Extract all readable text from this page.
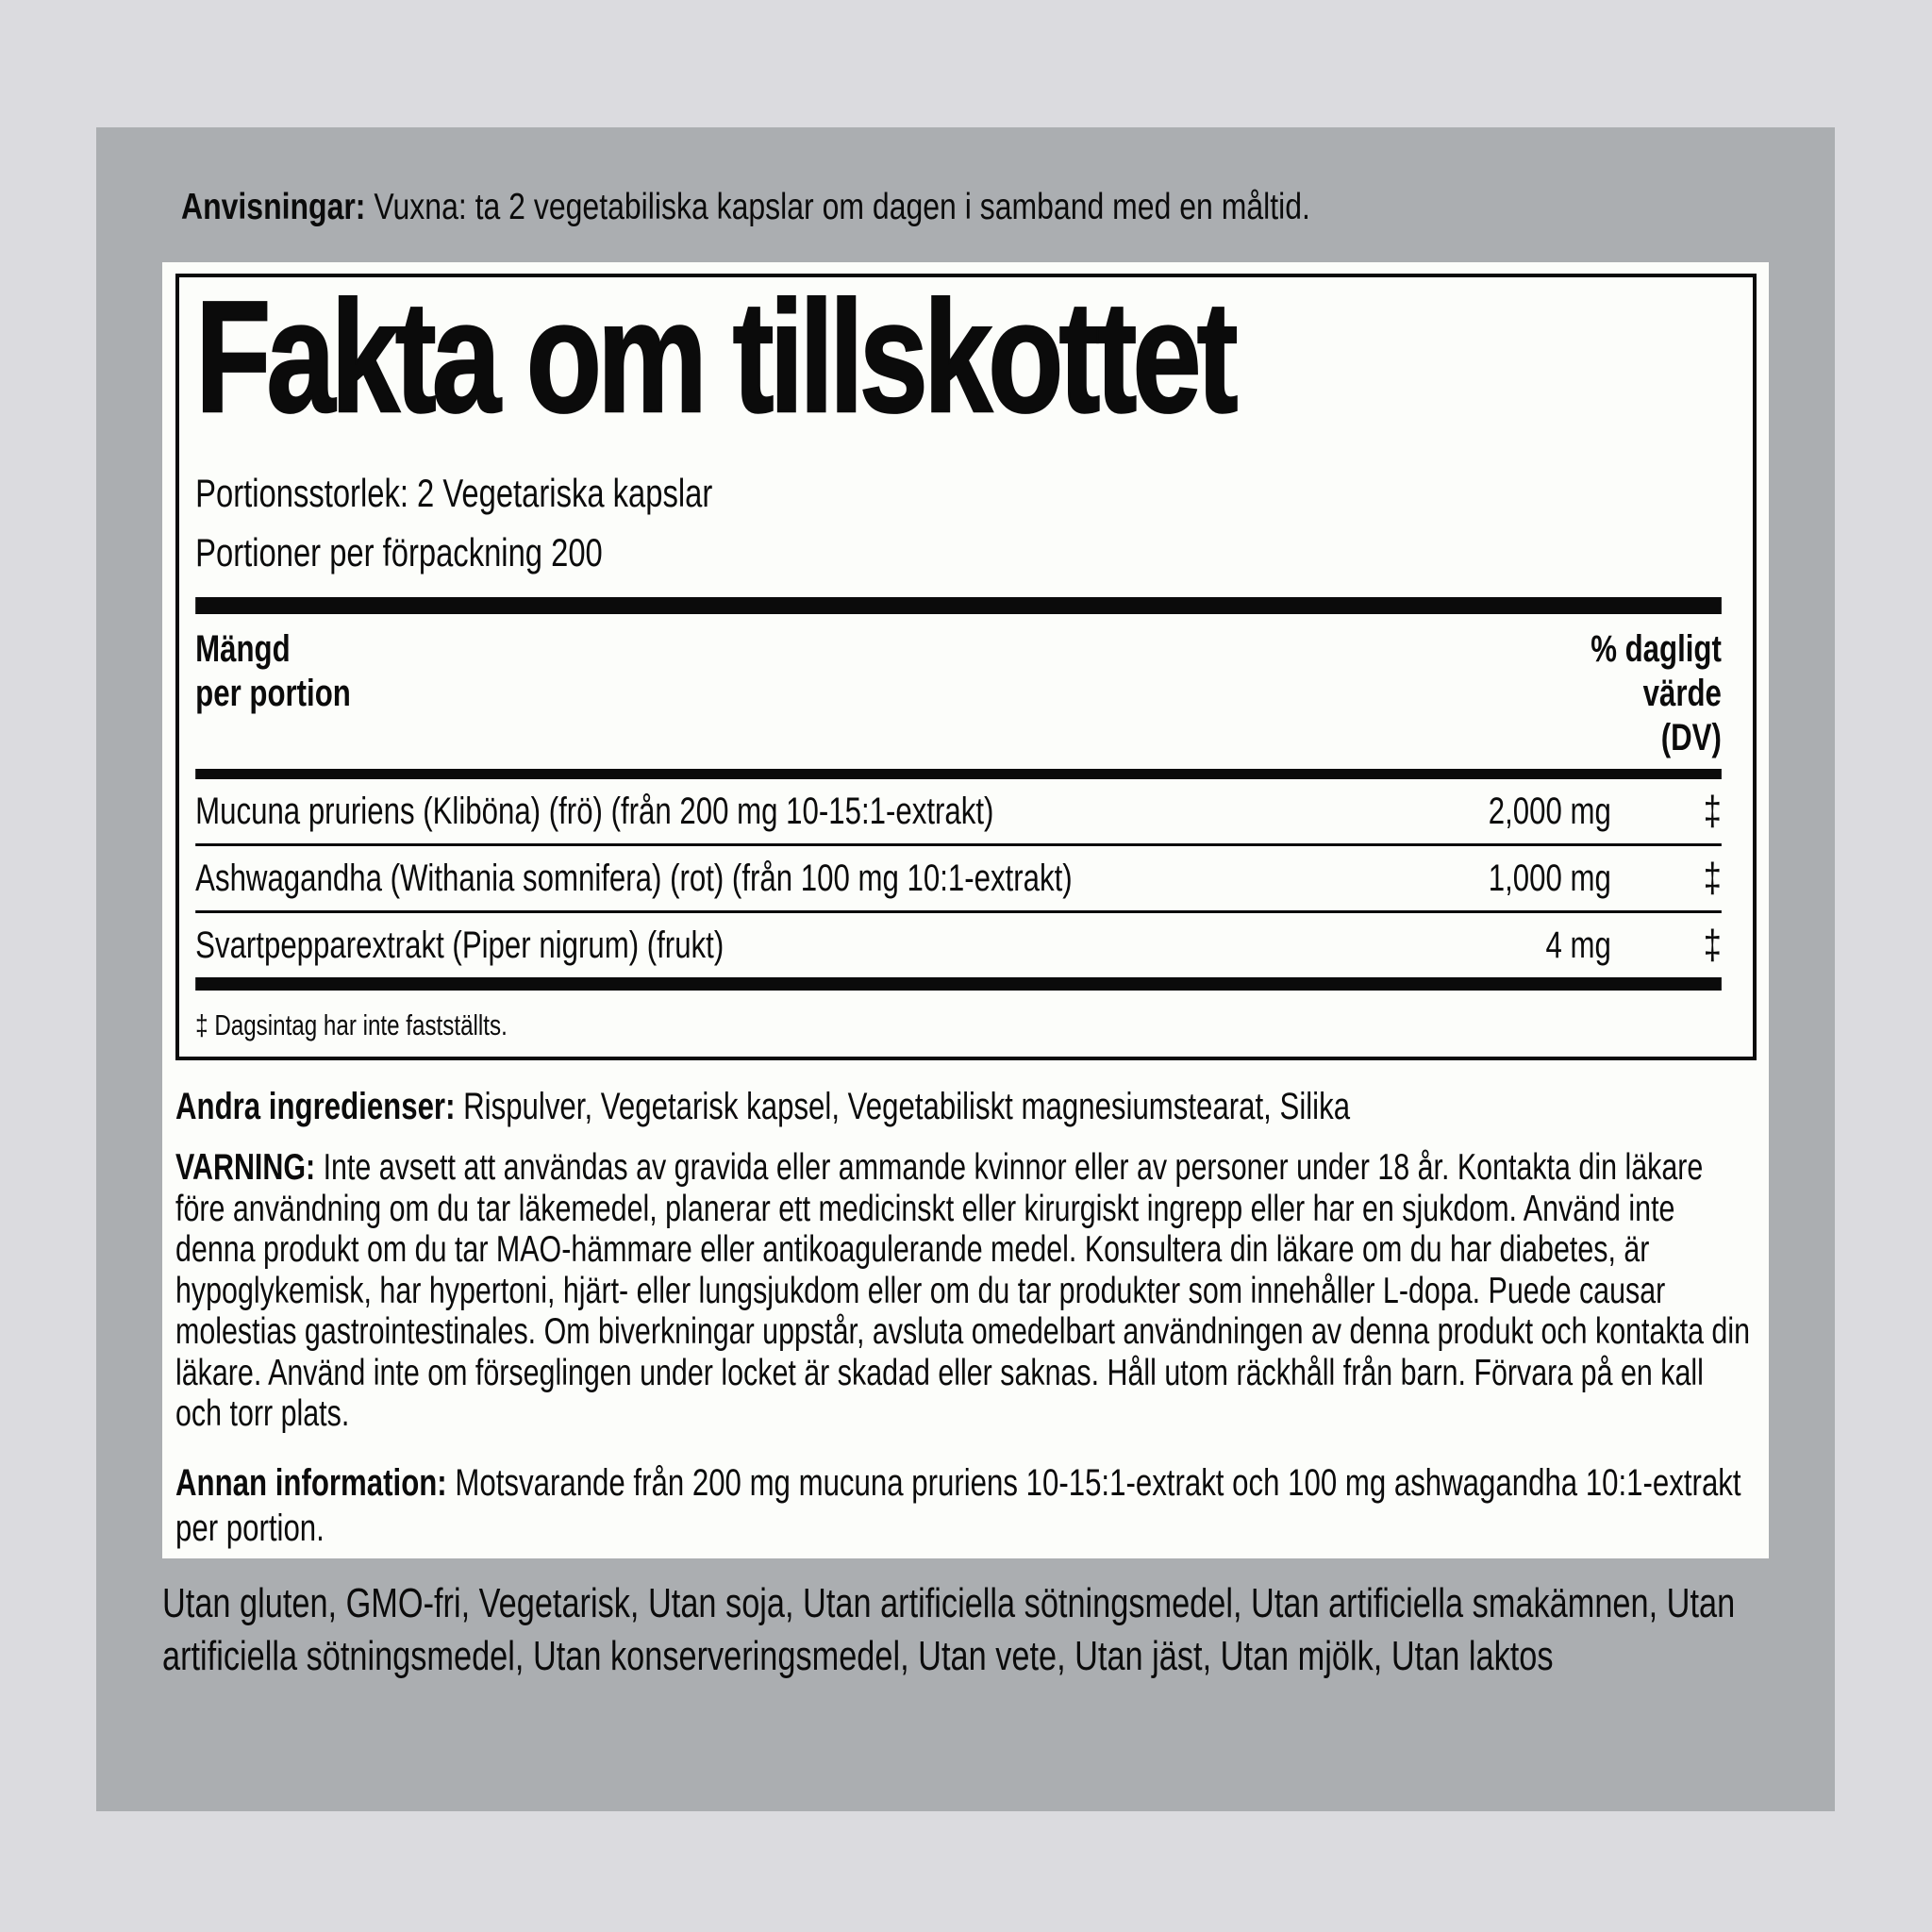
Anvisningar: Vuxna: ta 2 vegetabiliska kapslar om dagen i samband med en måltid.
Fakta om tillskottet
Portionsstorlek: 2 Vegetariska kapslar
Portioner per förpackning 200
Mängd
per portion
% dagligt
värde
(DV)
Mucuna pruriens (Kliböna) (frö) (från 200 mg 10-15:1-extrakt)	2,000 mg	‡
Ashwagandha (Withania somnifera) (rot) (från 100 mg 10:1-extrakt)	1,000 mg	‡
Svartpepparextrakt (Piper nigrum) (frukt)	4 mg	‡
‡ Dagsintag har inte fastställts.
Andra ingredienser: Rispulver, Vegetarisk kapsel, Vegetabiliskt magnesiumstearat, Silika
VARNING: Inte avsett att användas av gravida eller ammande kvinnor eller av personer under 18 år. Kontakta din läkare före användning om du tar läkemedel, planerar ett medicinskt eller kirurgiskt ingrepp eller har en sjukdom. Använd inte denna produkt om du tar MAO-hämmare eller antikoagulerande medel. Konsultera din läkare om du har diabetes, är hypoglykemisk, har hypertoni, hjärt- eller lungsjukdom eller om du tar produkter som innehåller L-dopa. Puede causar molestias gastrointestinales. Om biverkningar uppstår, avsluta omedelbart användningen av denna produkt och kontakta din läkare. Använd inte om förseglingen under locket är skadad eller saknas. Håll utom räckhåll från barn. Förvara på en kall och torr plats.
Annan information: Motsvarande från 200 mg mucuna pruriens 10-15:1-extrakt och 100 mg ashwagandha 10:1-extrakt per portion.
Utan gluten, GMO-fri, Vegetarisk, Utan soja, Utan artificiella sötningsmedel, Utan artificiella smakämnen, Utan artificiella sötningsmedel, Utan konserveringsmedel, Utan vete, Utan jäst, Utan mjölk, Utan laktos
